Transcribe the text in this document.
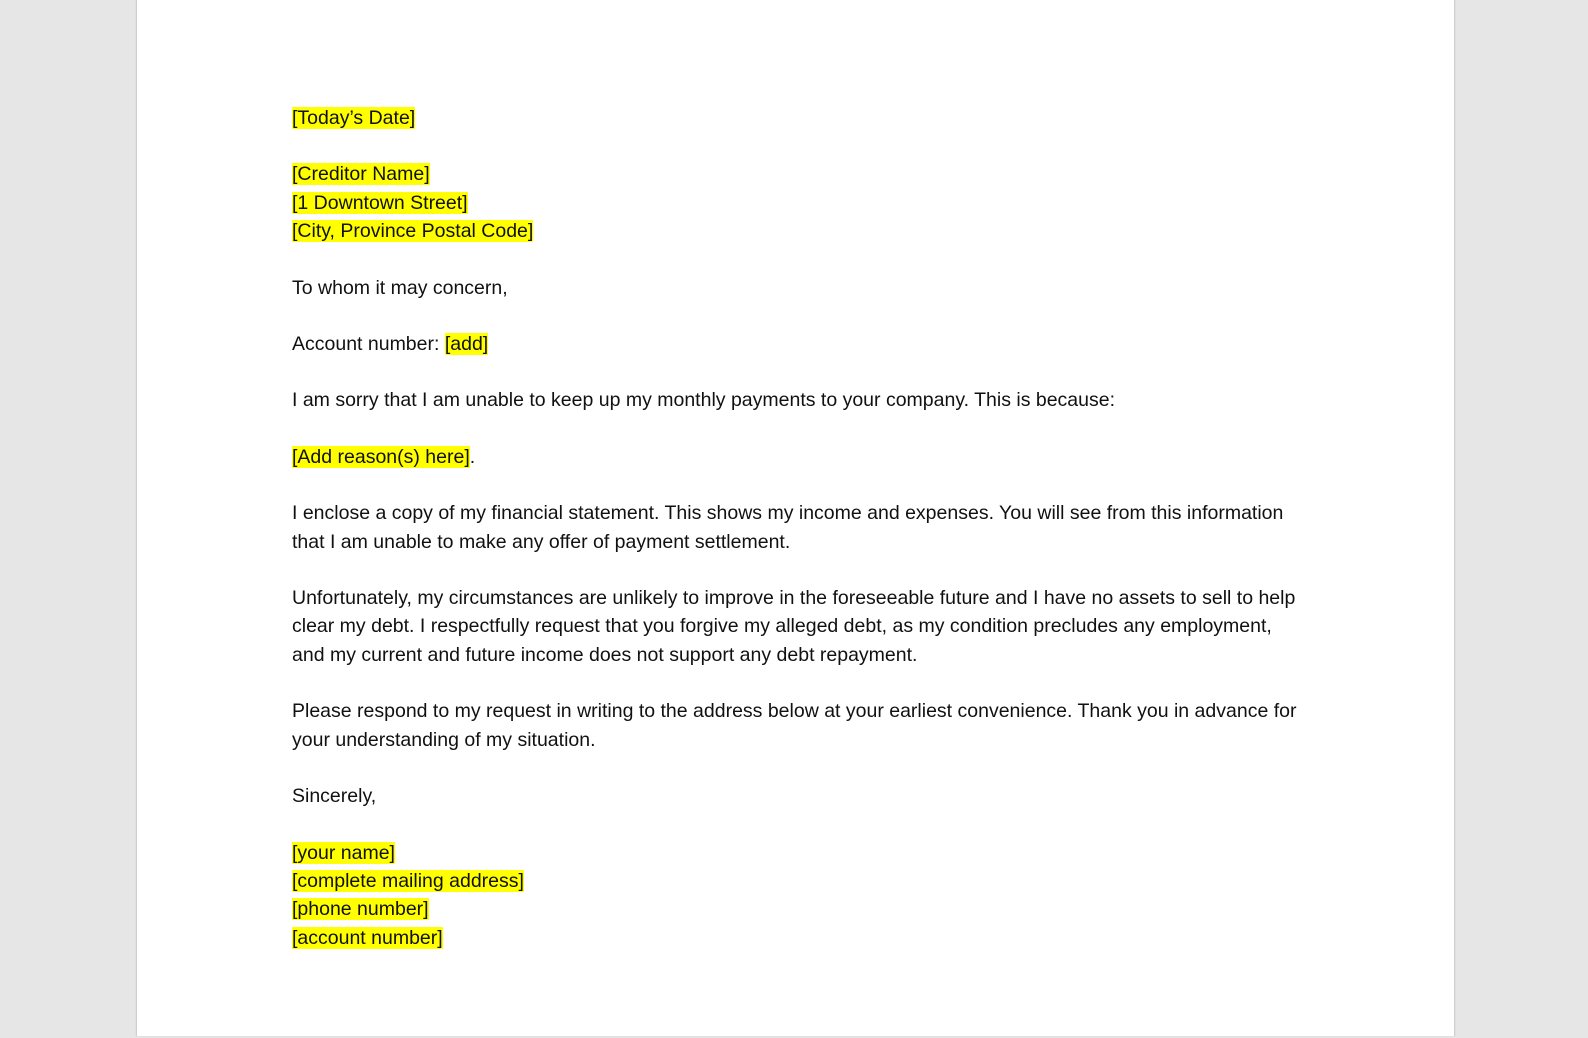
[Today’s Date]

[Creditor Name]

[1 Downtown Street]

[City, Province Postal Code]

To whom it may concern,

Account number: [add]

I am sorry that I am unable to keep up my monthly payments to your company. This is because:

[Add reason(s) here].

I enclose a copy of my financial statement. This shows my income and expenses. You will see from this information that I am unable to make any offer of payment settlement.

Unfortunately, my circumstances are unlikely to improve in the foreseeable future and I have no assets to sell to help clear my debt. I respectfully request that you forgive my alleged debt, as my condition precludes any employment, and my current and future income does not support any debt repayment.

Please respond to my request in writing to the address below at your earliest convenience. Thank you in advance for your understanding of my situation.

Sincerely,

[your name]

[complete mailing address]

[phone number]

[account number]
